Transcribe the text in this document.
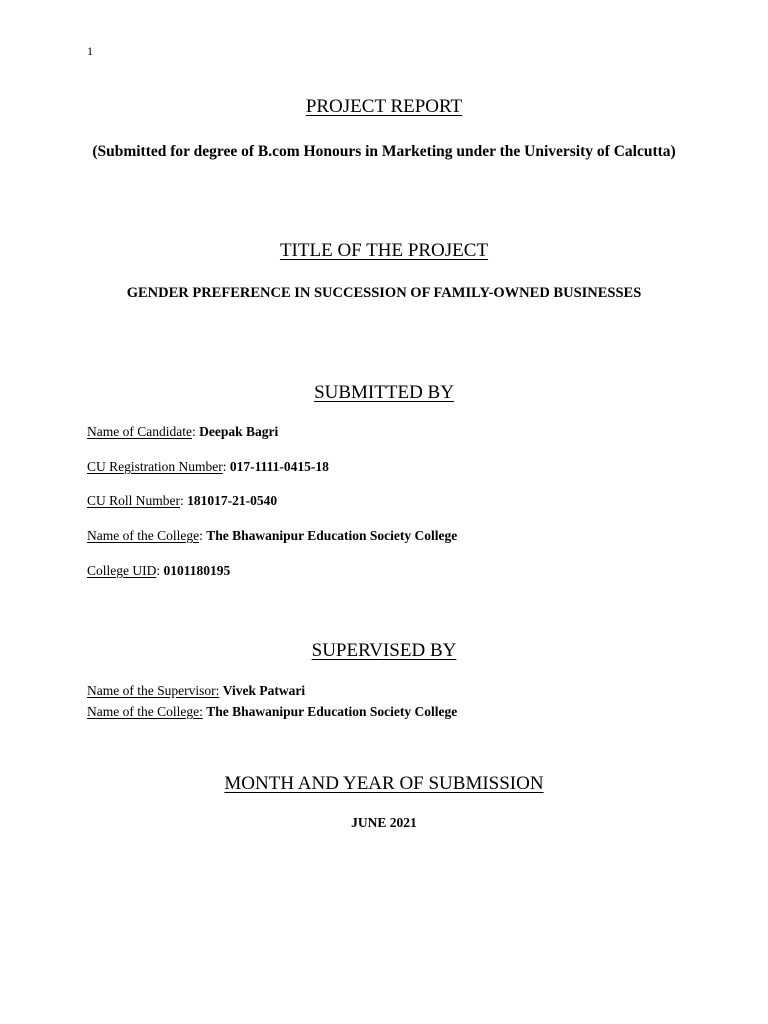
1
PROJECT REPORT
(Submitted for degree of B.com Honours in Marketing under the University of Calcutta)
TITLE OF THE PROJECT
GENDER PREFERENCE IN SUCCESSION OF FAMILY-OWNED BUSINESSES
SUBMITTED BY
Name of Candidate: Deepak Bagri
CU Registration Number: 017-1111-0415-18
CU Roll Number: 181017-21-0540
Name of the College: The Bhawanipur Education Society College
College UID: 0101180195
SUPERVISED BY
Name of the Supervisor: Vivek Patwari
Name of the College: The Bhawanipur Education Society College
MONTH AND YEAR OF SUBMISSION
JUNE 2021
